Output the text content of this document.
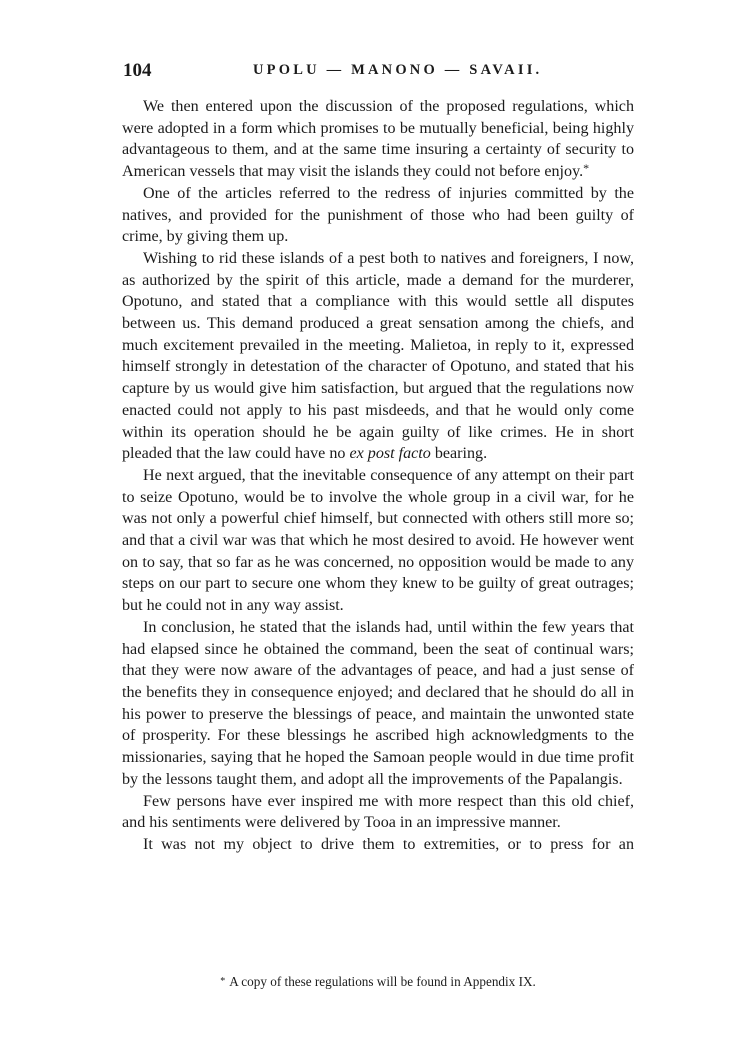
104	UPOLU — MANONO — SAVAII.

We then entered upon the discussion of the proposed regulations, which were adopted in a form which promises to be mutually beneficial, being highly advantageous to them, and at the same time insuring a certainty of security to American vessels that may visit the islands they could not before enjoy.*

One of the articles referred to the redress of injuries committed by the natives, and provided for the punishment of those who had been guilty of crime, by giving them up.

Wishing to rid these islands of a pest both to natives and foreigners, I now, as authorized by the spirit of this article, made a demand for the murderer, Opotuno, and stated that a compliance with this would settle all disputes between us. This demand produced a great sensation among the chiefs, and much excitement prevailed in the meeting. Malietoa, in reply to it, expressed himself strongly in detestation of the character of Opotuno, and stated that his capture by us would give him satisfaction, but argued that the regulations now enacted could not apply to his past misdeeds, and that he would only come within its operation should he be again guilty of like crimes. He in short pleaded that the law could have no ex post facto bearing.

He next argued, that the inevitable consequence of any attempt on their part to seize Opotuno, would be to involve the whole group in a civil war, for he was not only a powerful chief himself, but connected with others still more so; and that a civil war was that which he most desired to avoid. He however went on to say, that so far as he was concerned, no opposition would be made to any steps on our part to secure one whom they knew to be guilty of great outrages; but he could not in any way assist.

In conclusion, he stated that the islands had, until within the few years that had elapsed since he obtained the command, been the seat of continual wars; that they were now aware of the advantages of peace, and had a just sense of the benefits they in consequence enjoyed; and declared that he should do all in his power to preserve the blessings of peace, and maintain the unwonted state of prosperity. For these blessings he ascribed high acknowledgments to the missionaries, saying that he hoped the Samoan people would in due time profit by the lessons taught them, and adopt all the improvements of the Papalangis.

Few persons have ever inspired me with more respect than this old chief, and his sentiments were delivered by Tooa in an impressive manner.

It was not my object to drive them to extremities, or to press for an

* A copy of these regulations will be found in Appendix IX.
